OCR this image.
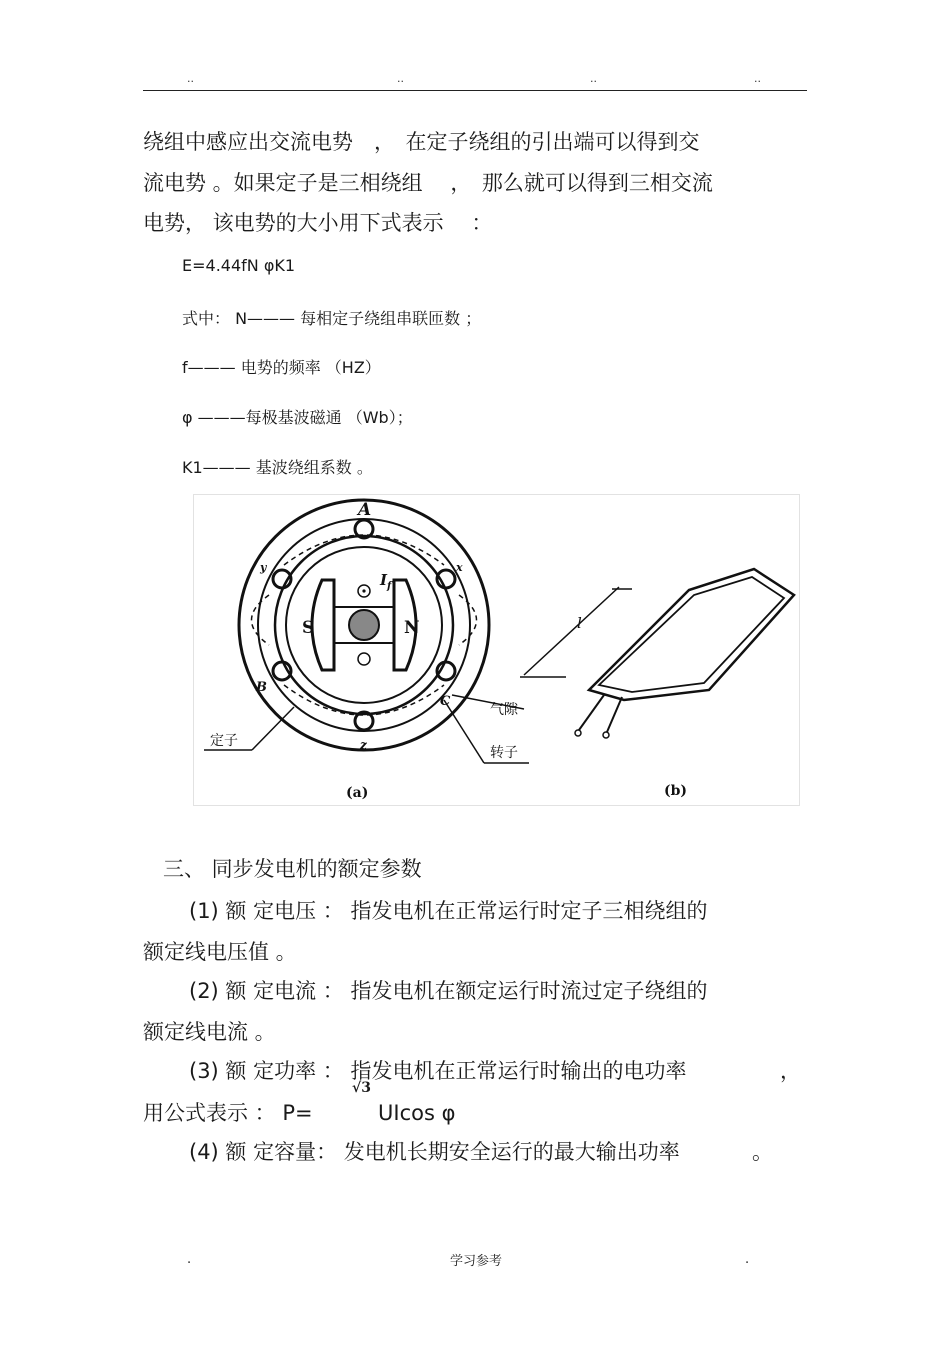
..	..	..	..
绕组中感应出交流电势　，　在定子绕组的引出端可以得到交
流电势 。如果定子是三相绕组　 ，　那么就可以得到三相交流
电势， 该电势的大小用下式表示　 ：
E=4.44fN φK1
式中： N——— 每相定子绕组串联匝数 ；
f——— 电势的频率 （HZ）
φ ———每极基波磁通 （Wb）；
K1——— 基波绕组系数 。
A
B
C
x
y
z
S	N
$I_f$
定子
气隙
转子
(a)	(b)
l
三、 同步发电机的额定参数
(1) 额 定电压 ： 指发电机在正常运行时定子三相绕组的
额定线电压值 。
(2) 额 定电流 ： 指发电机在额定运行时流过定子绕组的
额定线电流 。
(3) 额 定功率 ： 指发电机在正常运行时输出的电功率	，
用公式表示 ： P=
√3
UIcos φ
(4) 额 定容量： 发电机长期安全运行的最大输出功率	。
.	学习参考	.
